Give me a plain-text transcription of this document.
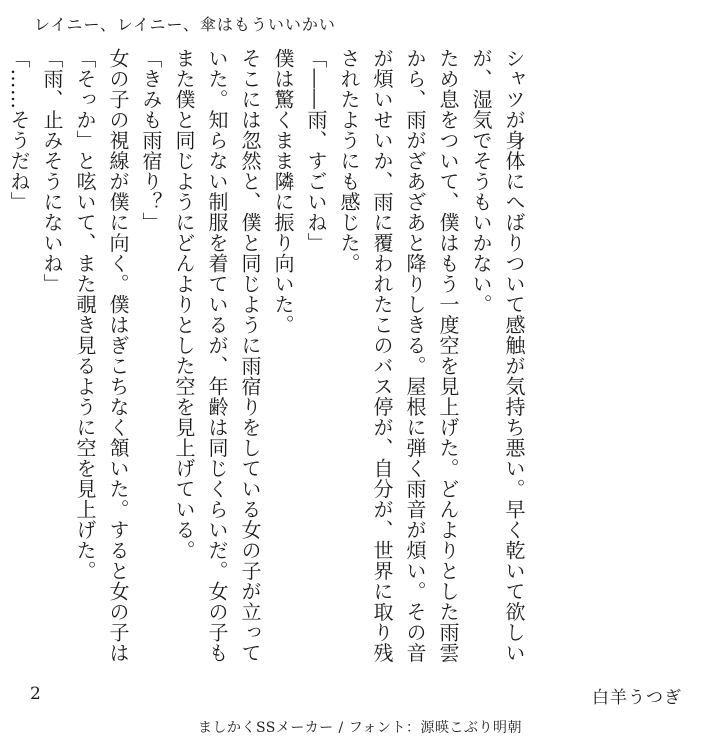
レイニー、レイニー、傘はもういいかい

シャツが身体にへばりついて感触が気持ち悪い。早く乾いて欲しいが、湿気でそうもいかない。

ため息をついて、僕はもう一度空を見上げた。どんよりとした雨雲から、雨がざあざあと降りしきる。屋根に弾く雨音が煩い。その音が煩いせいか、雨に覆われたこのバス停が、自分が、世界に取り残されたようにも感じた。

「――雨、すごいね」

僕は驚くまま隣に振り向いた。

そこには忽然と、僕と同じように雨宿りをしている女の子が立っていた。知らない制服を着ているが、年齢は同じくらいだ。女の子もまた僕と同じようにどんよりとした空を見上げている。

「きみも雨宿り？」

女の子の視線が僕に向く。僕はぎこちなく頷いた。すると女の子は「そっか」と呟いて、また覗き見るように空を見上げた。

「雨、止みそうにないね」

「……そうだね」

2	白羊うつぎ
ましかくSSメーカー / フォント：源暎こぶり明朝
